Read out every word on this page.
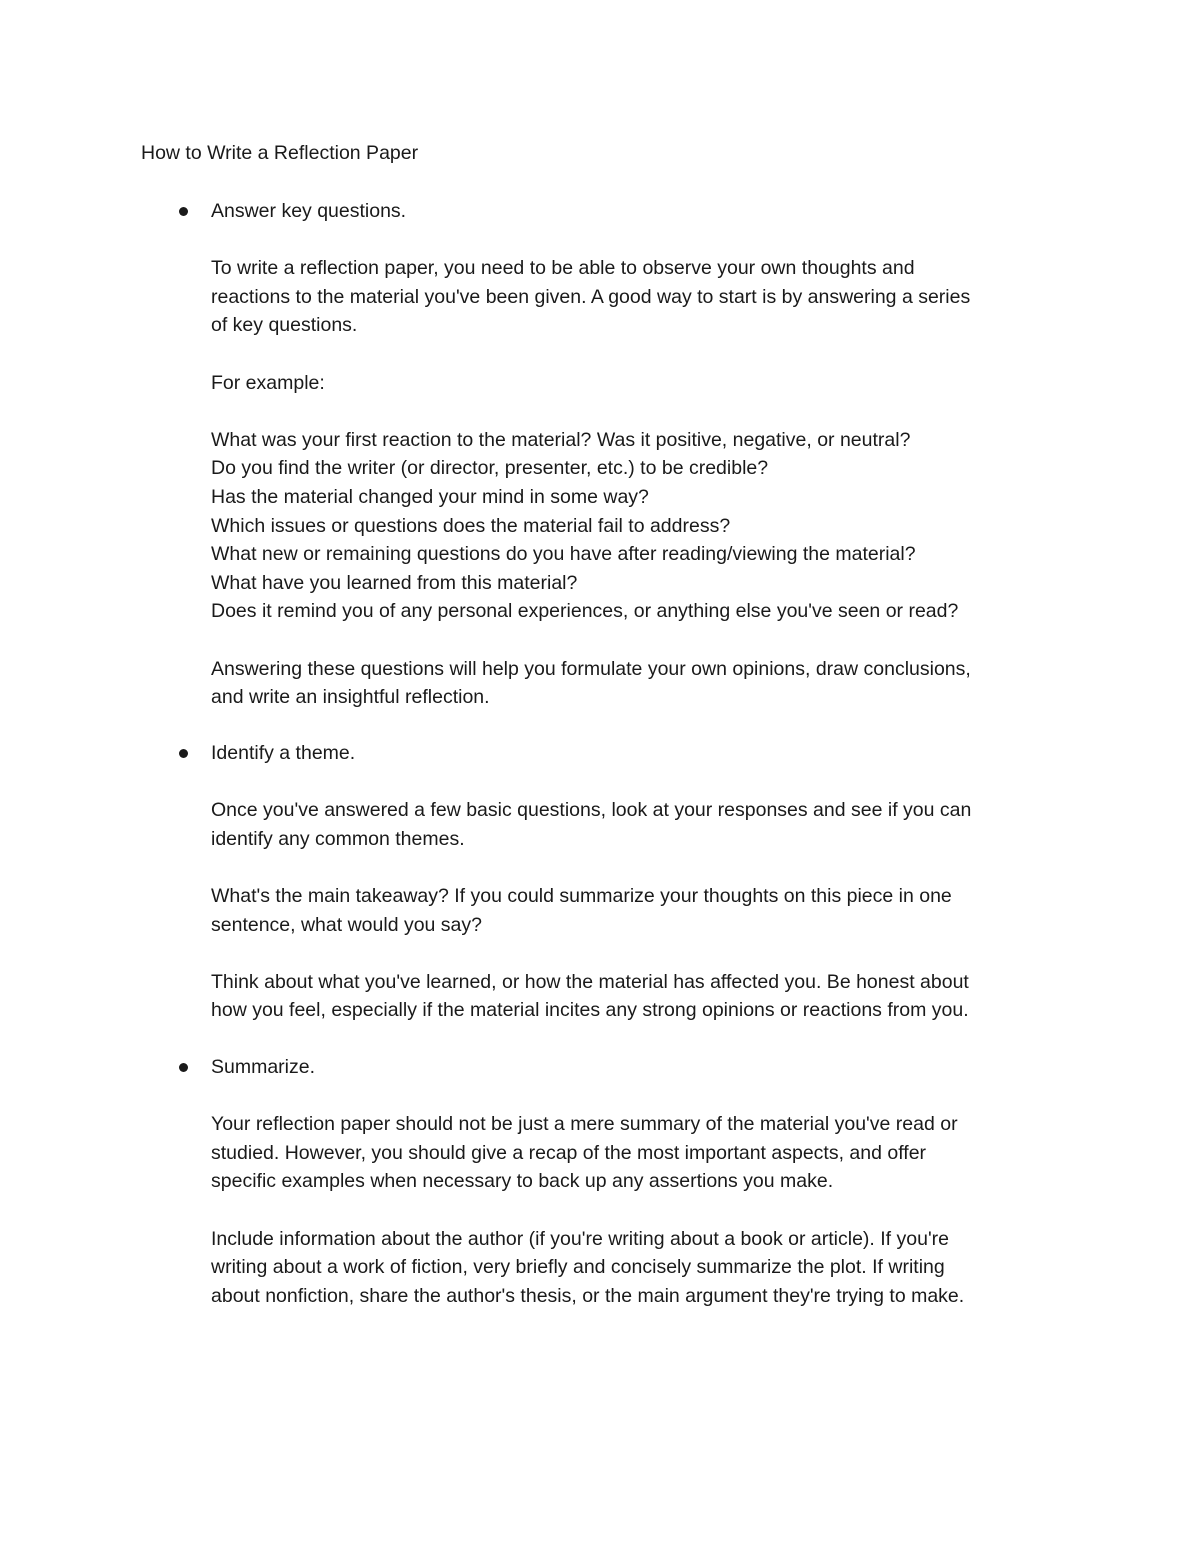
How to Write a Reflection Paper
Answer key questions.

To write a reflection paper, you need to be able to observe your own thoughts and
reactions to the material you've been given. A good way to start is by answering a series
of key questions.

For example:

What was your first reaction to the material? Was it positive, negative, or neutral?
Do you find the writer (or director, presenter, etc.) to be credible?
Has the material changed your mind in some way?
Which issues or questions does the material fail to address?
What new or remaining questions do you have after reading/viewing the material?
What have you learned from this material?
Does it remind you of any personal experiences, or anything else you've seen or read?

Answering these questions will help you formulate your own opinions, draw conclusions,
and write an insightful reflection.

Identify a theme.

Once you've answered a few basic questions, look at your responses and see if you can
identify any common themes.

What's the main takeaway? If you could summarize your thoughts on this piece in one
sentence, what would you say?

Think about what you've learned, or how the material has affected you. Be honest about
how you feel, especially if the material incites any strong opinions or reactions from you.

Summarize.

Your reflection paper should not be just a mere summary of the material you've read or
studied. However, you should give a recap of the most important aspects, and offer
specific examples when necessary to back up any assertions you make.

Include information about the author (if you're writing about a book or article). If you're
writing about a work of fiction, very briefly and concisely summarize the plot. If writing
about nonfiction, share the author's thesis, or the main argument they're trying to make.
